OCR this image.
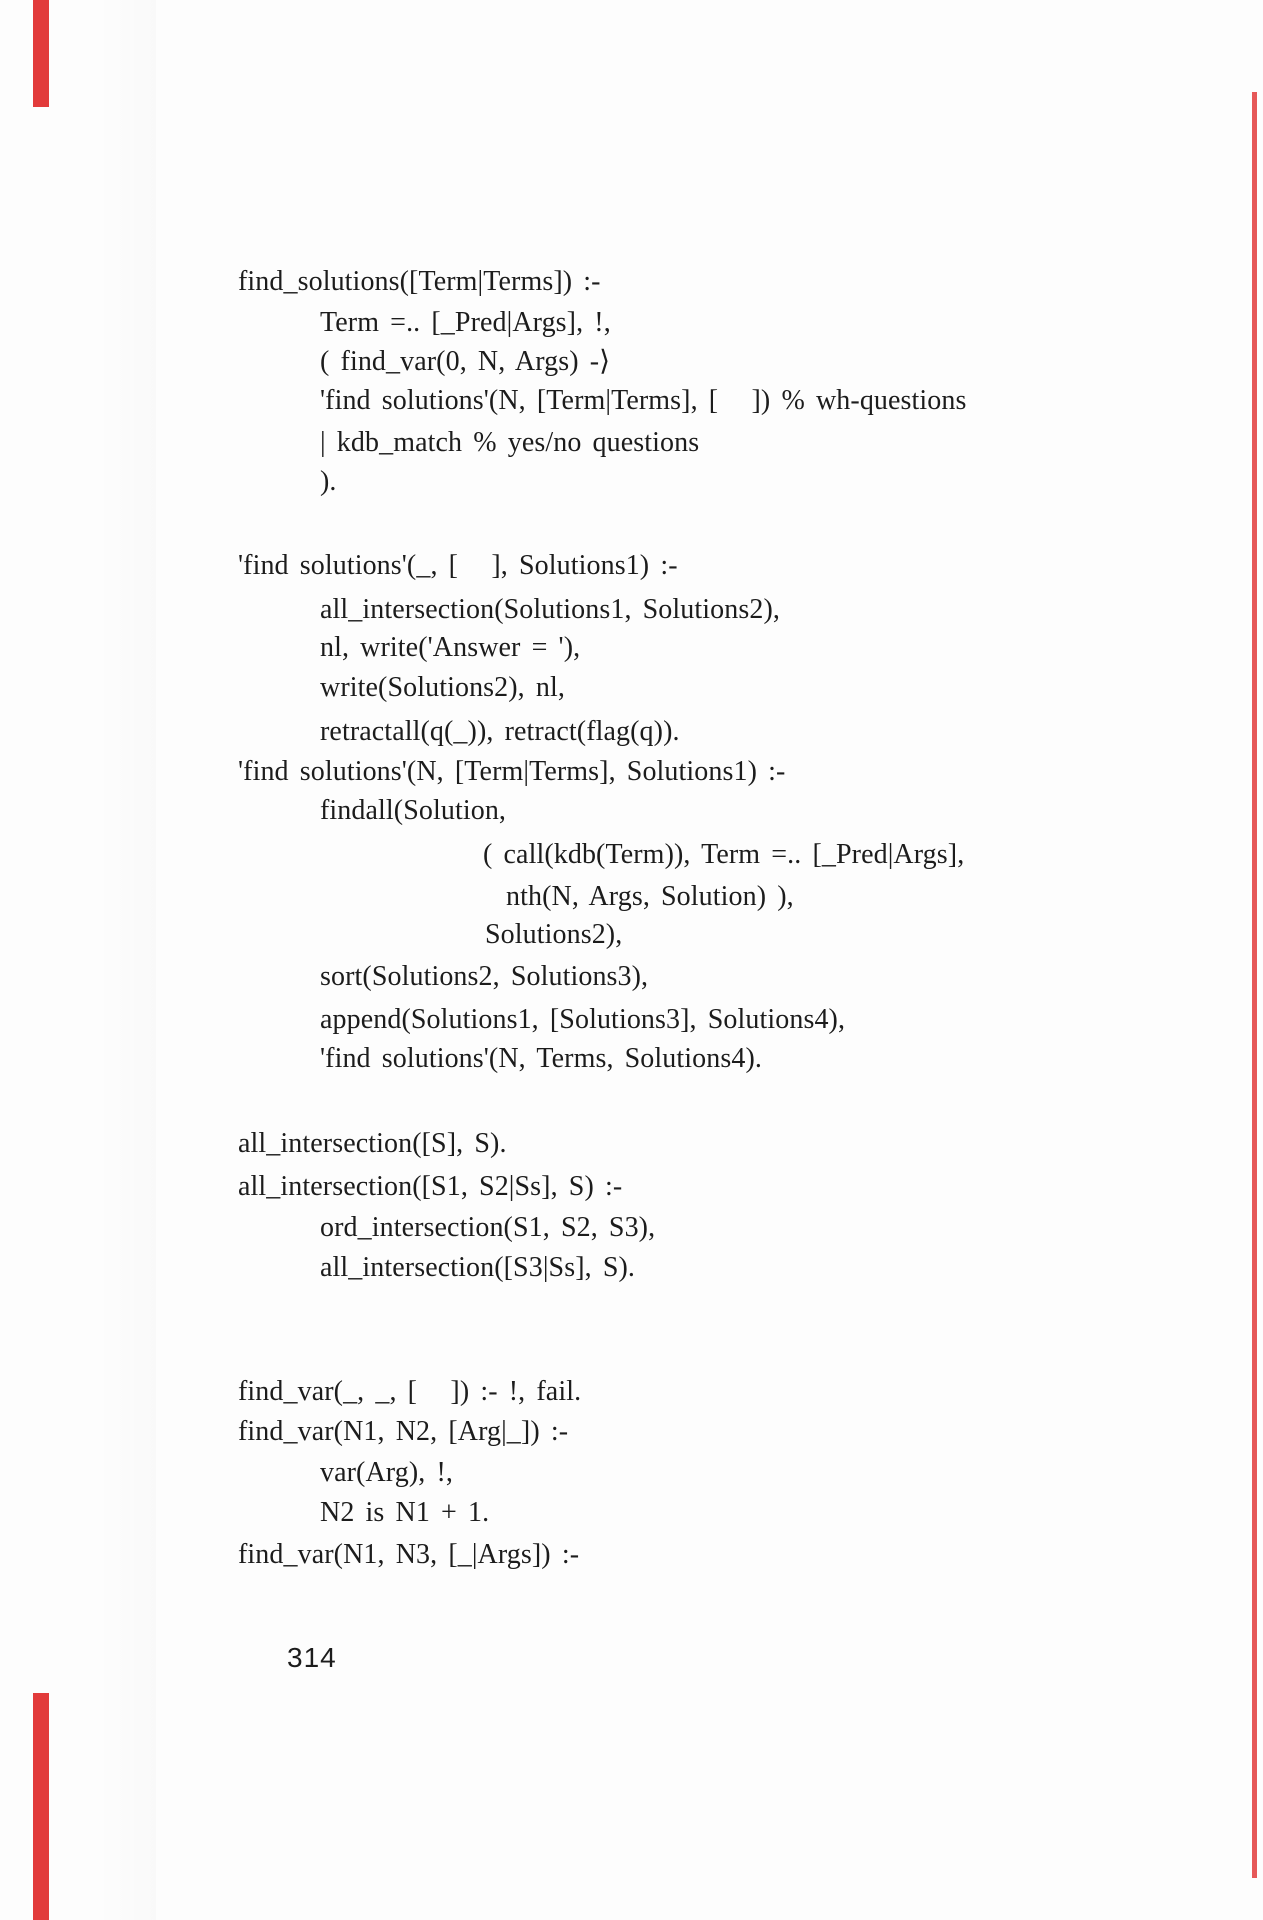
find_solutions([Term|Terms]) :-
Term =.. [_Pred|Args], !,
( find_var(0, N, Args) -⟩
'find solutions'(N, [Term|Terms], [   ]) % wh-questions
| kdb_match % yes/no questions
).
'find solutions'(_, [   ], Solutions1) :-
all_intersection(Solutions1, Solutions2),
nl, write('Answer = '),
write(Solutions2), nl,
retractall(q(_)), retract(flag(q)).
'find solutions'(N, [Term|Terms], Solutions1) :-
findall(Solution,
( call(kdb(Term)), Term =.. [_Pred|Args],
nth(N, Args, Solution) ),
Solutions2),
sort(Solutions2, Solutions3),
append(Solutions1, [Solutions3], Solutions4),
'find solutions'(N, Terms, Solutions4).
all_intersection([S], S).
all_intersection([S1, S2|Ss], S) :-
ord_intersection(S1, S2, S3),
all_intersection([S3|Ss], S).
find_var(_, _, [   ]) :- !, fail.
find_var(N1, N2, [Arg|_]) :-
var(Arg), !,
N2 is N1 + 1.
find_var(N1, N3, [_|Args]) :-
314
